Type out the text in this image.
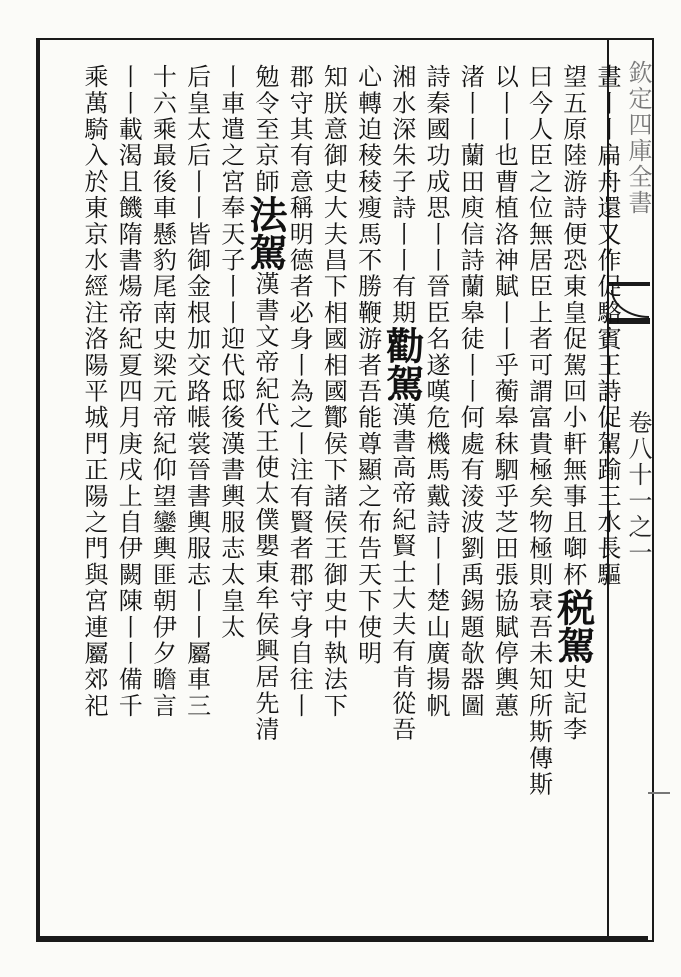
欽定四庫全書
卷八十一之一
晝丨丨扁舟還又作促駱賓王詩促駕踰三水長驅
望五原陸游詩便恐東皇促駕回小軒無事且啣杯税駕史記李
曰今人臣之位無居臣上者可謂富貴極矣物極則衰吾未知所斯傳斯
以丨丨也曹植洛神賦丨丨乎蘅皋秣駟乎芝田張協賦停輿蕙
渚丨丨蘭田庾信詩蘭皋徒丨丨何處有淩波劉禹錫題欹器圖
詩秦國功成思丨丨晉臣名遂嘆危機馬戴詩丨丨楚山廣揚帆
湘水深朱子詩丨丨有期勸駕漢書高帝紀賢士大夫有肯從吾
心轉迫稜稜瘦馬不勝鞭游者吾能尊顯之布告天下使明
知朕意御史大夫昌下相國相國酇侯下諸侯王御史中執法下
郡守其有意稱明德者必身丨為之丨注有賢者郡守身自往丨
勉令至京師法駕漢書文帝紀代王使太僕嬰東牟侯興居先清
丨車遣之宮奉天子丨丨迎代邸後漢書輿服志太皇太
后皇太后丨丨皆御金根加交路帳裳晉書輿服志丨丨屬車三
十六乘最後車懸豹尾南史梁元帝紀仰望鑾輿匪朝伊夕瞻言
丨丨載渴且饑隋書煬帝紀夏四月庚戌上自伊闕陳丨丨備千
乘萬騎入於東京水經注洛陽平城門正陽之門與宮連屬郊祀
